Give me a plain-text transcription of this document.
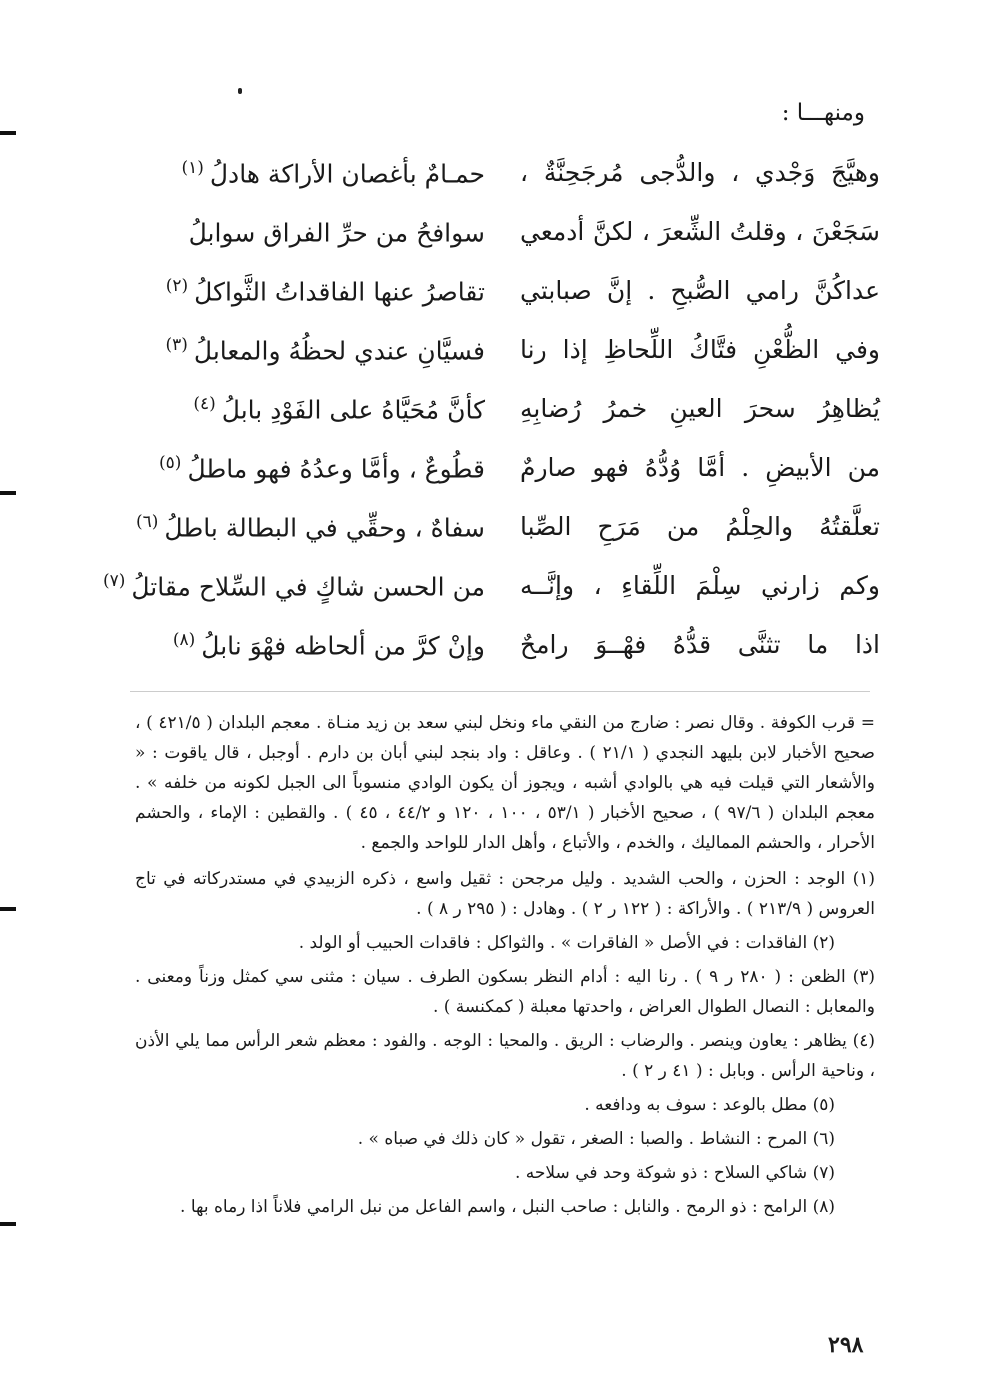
ومنهـــا :
وهيَّجَ وَجْدي ، والدُّجى مُرجَحِنَّةٌ ،
حمـامٌ بأغصان الأراكة هادلُ$^{(١)}$
سَجَعْنَ ، وقلتُ الشِّعرَ ، لكنَّ أدمعي
سوافحُ من حرِّ الفراق سوابلُ
عداكُنَّ رامي الصُّبحِ . إنَّ صبابتي
تقاصرُ عنها الفاقداتُ الثَّواكلُ$^{(٢)}$
وفي الظُّعْنِ فتَّاكُ اللِّحاظِ إذا رنا
فسيَّانِ عندي لحظُهُ والمعابلُ$^{(٣)}$
يُظاهِرُ سحرَ العينِ خمرُ رُضابِهِ
كأنَّ مُحَيَّاهُ على الفَوْدِ بابلُ$^{(٤)}$
من الأبيضِ . أمَّا وُدُّهُ فهو صارمٌ
قطُوعٌ ، وأمَّا وعدُهُ فهو ماطلُ$^{(٥)}$
تعلَّقتُهُ والحِلْمُ من مَرَحِ الصِّبا
سفاهٌ ، وحقِّي في البطالة باطلُ$^{(٦)}$
وكم زارني سِلْمَ اللِّقاءِ ، وإنَّــه
من الحسن شاكٍ في السِّلاح مقاتلُ$^{(٧)}$
اذا ما تثنَّى قدُّهُ فهْــوَ رامحٌ
وإنْ كرَّ من ألحاظه فهْوَ نابلُ$^{(٨)}$

= قرب الكوفة . وقال نصر : ضارج من النقي ماء ونخل لبني سعد بن زيد منـاة . معجم البلدان ( ٤٢١/٥ ) ، صحيح الأخبار لابن بليهد النجدي ( ٢١/١ ) . وعاقل : واد بنجد لبني أبان بن دارم . أوجبل ، قال ياقوت : « والأشعار التي قيلت فيه هي بالوادي أشبه ، ويجوز أن يكون الوادي منسوباً الى الجبل لكونه من خلفه » . معجم البلدان ( ٩٧/٦ ) ، صحيح الأخبار ( ٥٣/١ ، ١٠٠ ، ١٢٠ و ٤٤/٢ ، ٤٥ ) . والقطين : الإماء ، والحشم الأحرار ، والحشم المماليك ، والخدم ، والأتباع ، وأهل الدار للواحد والجمع .

(١) الوجد : الحزن ، والحب الشديد . وليل مرجحن : ثقيل واسع ، ذكره الزبيدي في مستدركاته في تاج العروس ( ٢١٣/٩ ) . والأراكة : ( ١٢٢ ر ٢ ) . وهادل : ( ٢٩٥ ر ٨ ) .

(٢) الفاقدات : في الأصل « الفاقرات » . والثواكل : فاقدات الحبيب أو الولد .

(٣) الظعن : ( ٢٨٠ ر ٩ ) . رنا اليه : أدام النظر بسكون الطرف . سيان : مثنى سي كمثل وزناً ومعنى . والمعابل : النصال الطوال العراض ، واحدتها معبلة ( كمكنسة ) .

(٤) يظاهر : يعاون وينصر . والرضاب : الريق . والمحيا : الوجه . والفود : معظم شعر الرأس مما يلي الأذن ، وناحية الرأس . وبابل : ( ٤١ ر ٢ ) .

(٥) مطل بالوعد : سوف به ودافعه .

(٦) المرح : النشاط . والصبا : الصغر ، تقول « كان ذلك في صباه » .

(٧) شاكي السلاح : ذو شوكة وحد في سلاحه .

(٨) الرامح : ذو الرمح . والنابل : صاحب النبل ، واسم الفاعل من نبل الرامي فلاناً اذا رماه بها .

٢٩٨
